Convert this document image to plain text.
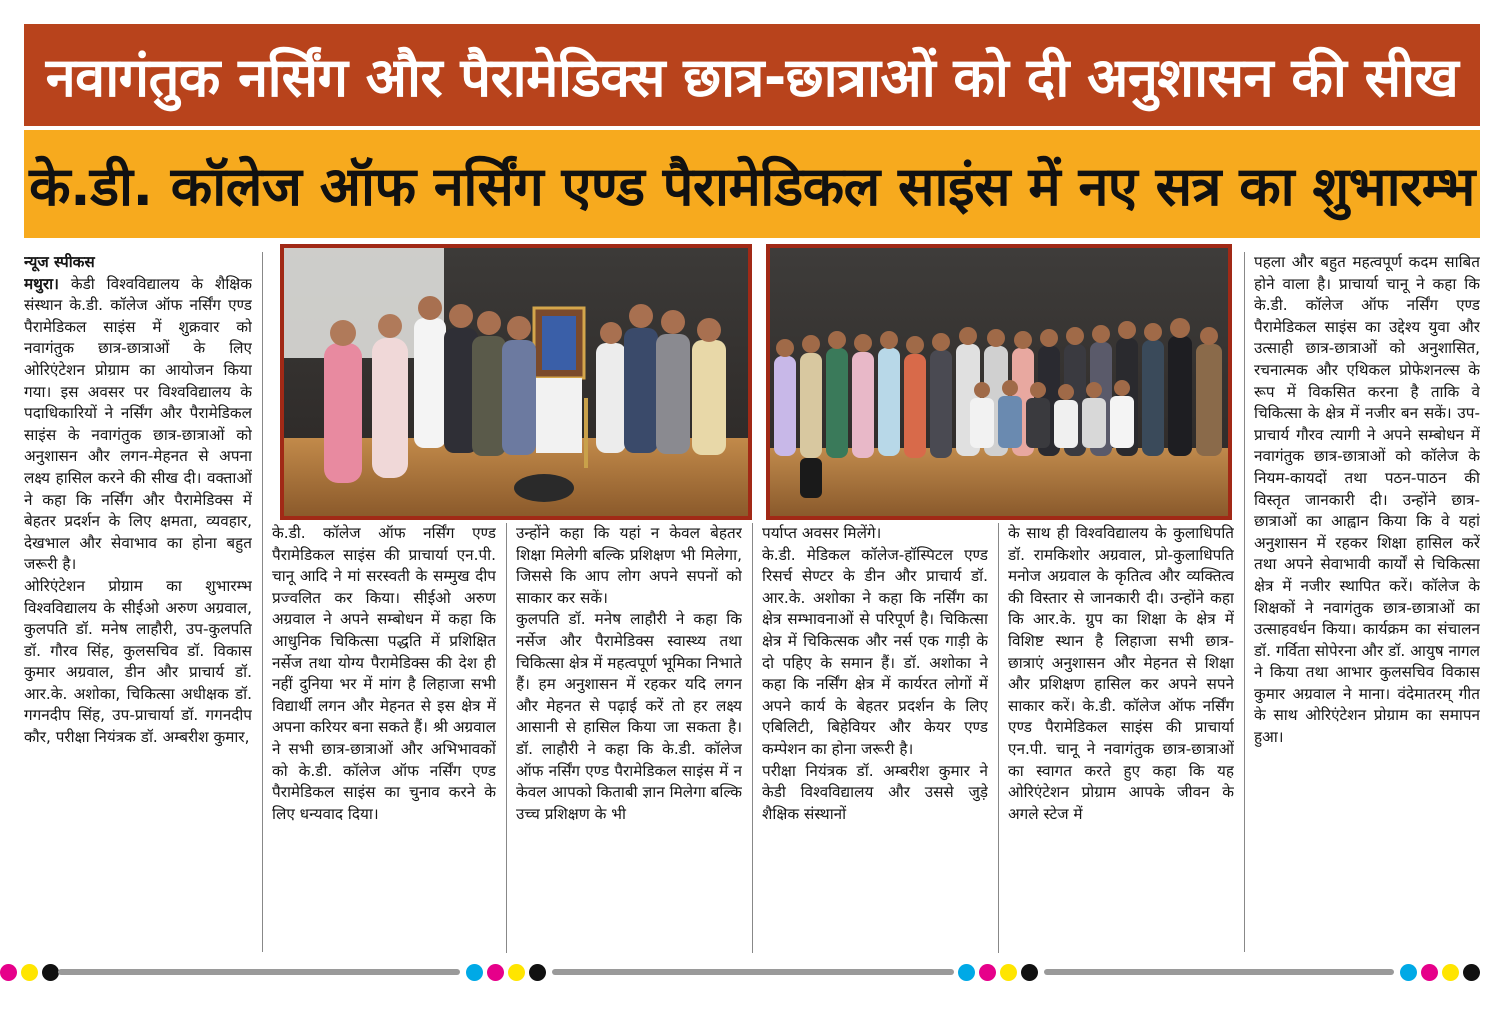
नवागंतुक नर्सिंग और पैरामेडिक्स छात्र-छात्राओं को दी अनुशासन की सीख
के.डी. कॉलेज ऑफ नर्सिंग एण्ड पैरामेडिकल साइंस में नए सत्र का शुभारम्भ
न्यूज स्पीकस

मथुरा। केडी विश्वविद्यालय के शैक्षिक संस्थान के.डी. कॉलेज ऑफ नर्सिंग एण्ड पैरामेडिकल साइंस में शुक्रवार को नवागंतुक छात्र-छात्राओं के लिए ओरिएंटेशन प्रोग्राम का आयोजन किया गया। इस अवसर पर विश्वविद्यालय के पदाधिकारियों ने नर्सिंग और पैरामेडिकल साइंस के नवागंतुक छात्र-छात्राओं को अनुशासन और लगन-मेहनत से अपना लक्ष्य हासिल करने की सीख दी। वक्ताओं ने कहा कि नर्सिंग और पैरामेडिक्स में बेहतर प्रदर्शन के लिए क्षमता, व्यवहार, देखभाल और सेवाभाव का होना बहुत जरूरी है।

ओरिएंटेशन प्रोग्राम का शुभारम्भ विश्वविद्यालय के सीईओ अरुण अग्रवाल, कुलपति डॉ. मनेष लाहौरी, उप-कुलपति डॉ. गौरव सिंह, कुलसचिव डॉ. विकास कुमार अग्रवाल, डीन और प्राचार्य डॉ. आर.के. अशोका, चिकित्सा अधीक्षक डॉ. गगनदीप सिंह, उप-प्राचार्या डॉ. गगनदीप कौर, परीक्षा नियंत्रक डॉ. अम्बरीश कुमार,

के.डी. कॉलेज ऑफ नर्सिंग एण्ड पैरामेडिकल साइंस की प्राचार्या एन.पी. चानू आदि ने मां सरस्वती के सम्मुख दीप प्रज्वलित कर किया। सीईओ अरुण अग्रवाल ने अपने सम्बोधन में कहा कि आधुनिक चिकित्सा पद्धति में प्रशिक्षित नर्सेज तथा योग्य पैरामेडिक्स की देश ही नहीं दुनिया भर में मांग है लिहाजा सभी विद्यार्थी लगन और मेहनत से इस क्षेत्र में अपना करियर बना सकते हैं। श्री अग्रवाल ने सभी छात्र-छात्राओं और अभिभावकों को के.डी. कॉलेज ऑफ नर्सिंग एण्ड पैरामेडिकल साइंस का चुनाव करने के लिए धन्यवाद दिया।

उन्होंने कहा कि यहां न केवल बेहतर शिक्षा मिलेगी बल्कि प्रशिक्षण भी मिलेगा, जिससे कि आप लोग अपने सपनों को साकार कर सकें।

कुलपति डॉ. मनेष लाहौरी ने कहा कि नर्सेज और पैरामेडिक्स स्वास्थ्य तथा चिकित्सा क्षेत्र में महत्वपूर्ण भूमिका निभाते हैं। हम अनुशासन में रहकर यदि लगन और मेहनत से पढ़ाई करें तो हर लक्ष्य आसानी से हासिल किया जा सकता है। डॉ. लाहौरी ने कहा कि के.डी. कॉलेज ऑफ नर्सिंग एण्ड पैरामेडिकल साइंस में न केवल आपको किताबी ज्ञान मिलेगा बल्कि उच्च प्रशिक्षण के भी

पर्याप्त अवसर मिलेंगे।

के.डी. मेडिकल कॉलेज-हॉस्पिटल एण्ड रिसर्च सेण्टर के डीन और प्राचार्य डॉ. आर.के. अशोका ने कहा कि नर्सिंग का क्षेत्र सम्भावनाओं से परिपूर्ण है। चिकित्सा क्षेत्र में चिकित्सक और नर्स एक गाड़ी के दो पहिए के समान हैं। डॉ. अशोका ने कहा कि नर्सिंग क्षेत्र में कार्यरत लोगों में अपने कार्य के बेहतर प्रदर्शन के लिए एबिलिटी, बिहेवियर और केयर एण्ड कम्पेशन का होना जरूरी है।

परीक्षा नियंत्रक डॉ. अम्बरीश कुमार ने केडी विश्वविद्यालय और उससे जुड़े शैक्षिक संस्थानों

के साथ ही विश्वविद्यालय के कुलाधिपति डॉ. रामकिशोर अग्रवाल, प्रो-कुलाधिपति मनोज अग्रवाल के कृतित्व और व्यक्तित्व की विस्तार से जानकारी दी। उन्होंने कहा कि आर.के. ग्रुप का शिक्षा के क्षेत्र में विशिष्ट स्थान है लिहाजा सभी छात्र-छात्राएं अनुशासन और मेहनत से शिक्षा और प्रशिक्षण हासिल कर अपने सपने साकार करें। के.डी. कॉलेज ऑफ नर्सिंग एण्ड पैरामेडिकल साइंस की प्राचार्या एन.पी. चानू ने नवागंतुक छात्र-छात्राओं का स्वागत करते हुए कहा कि यह ओरिएंटेशन प्रोग्राम आपके जीवन के अगले स्टेज में

पहला और बहुत महत्वपूर्ण कदम साबित होने वाला है। प्राचार्या चानू ने कहा कि के.डी. कॉलेज ऑफ नर्सिंग एण्ड पैरामेडिकल साइंस का उद्देश्य युवा और उत्साही छात्र-छात्राओं को अनुशासित, रचनात्मक और एथिकल प्रोफेशनल्स के रूप में विकसित करना है ताकि वे चिकित्सा के क्षेत्र में नजीर बन सकें। उप-प्राचार्य गौरव त्यागी ने अपने सम्बोधन में नवागंतुक छात्र-छात्राओं को कॉलेज के नियम-कायदों तथा पठन-पाठन की विस्तृत जानकारी दी। उन्होंने छात्र-छात्राओं का आह्वान किया कि वे यहां अनुशासन में रहकर शिक्षा हासिल करें तथा अपने सेवाभावी कार्यों से चिकित्सा क्षेत्र में नजीर स्थापित करें। कॉलेज के शिक्षकों ने नवागंतुक छात्र-छात्राओं का उत्साहवर्धन किया। कार्यक्रम का संचालन डॉ. गर्विता सोपेरना और डॉ. आयुष नागल ने किया तथा आभार कुलसचिव विकास कुमार अग्रवाल ने माना। वंदेमातरम् गीत के साथ ओरिएंटेशन प्रोग्राम का समापन हुआ।
